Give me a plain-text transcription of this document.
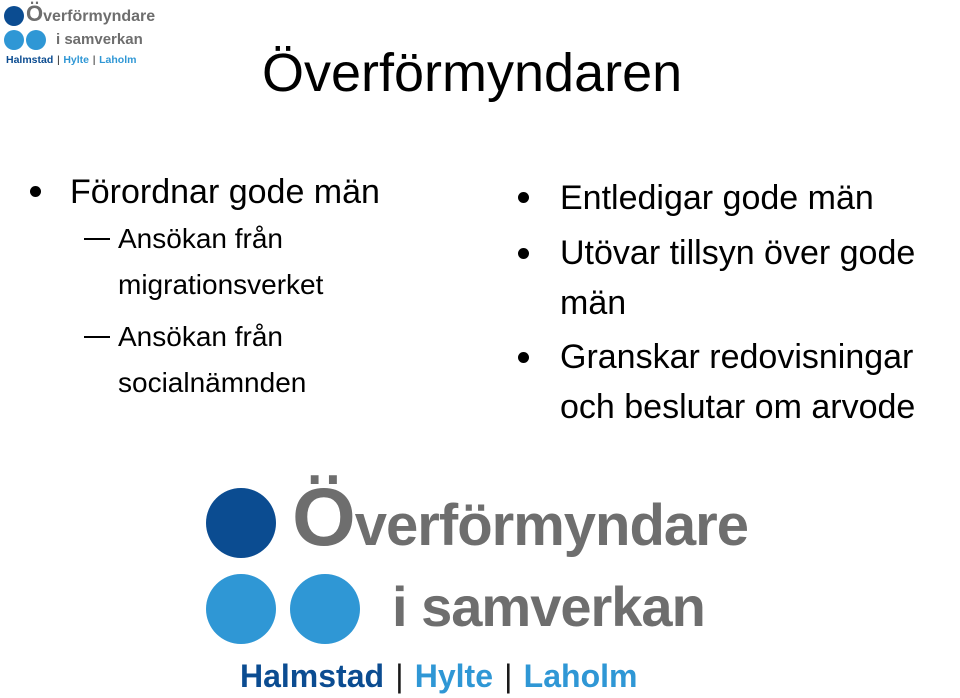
Överförmyndare
i samverkan
Halmstad | Hylte | Laholm Överförmyndaren
Förordnar gode män
Ansökan från migrationsverket
Ansökan från socialnämnden
Entledigar gode män
Utövar tillsyn över gode män
Granskar redovisningar och beslutar om arvode
Överförmyndare
i samverkan
Halmstad | Hylte | Laholm
